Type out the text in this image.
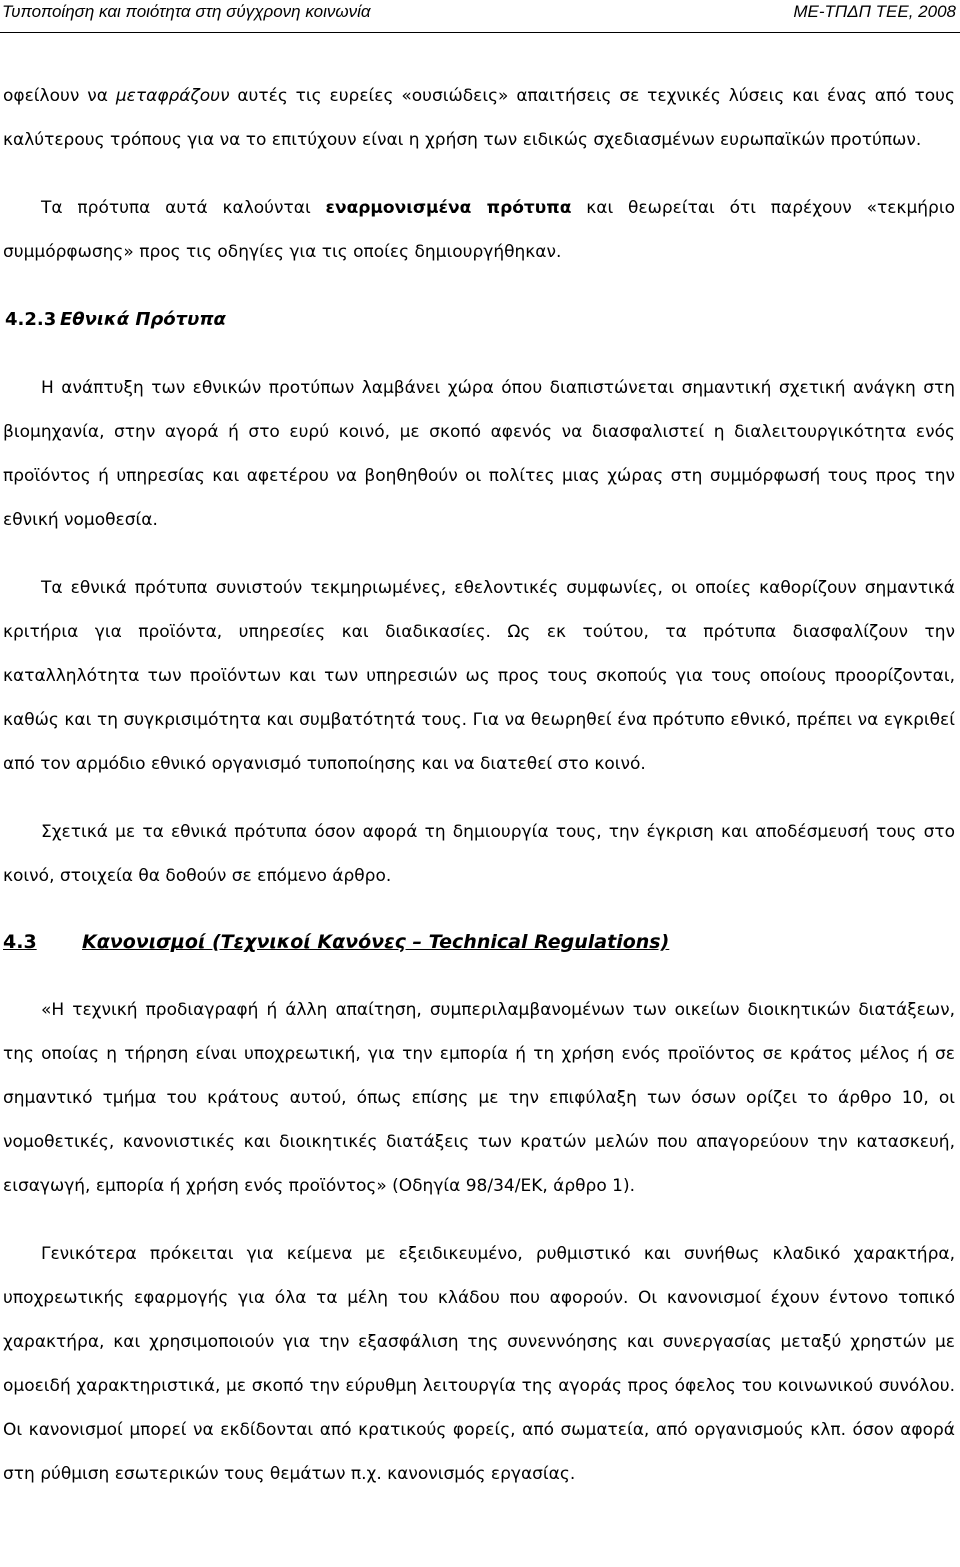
Τυποποίηση και ποιότητα στη σύγχρονη κοινωνία	ΜΕ-ΤΠΔΠ ΤΕΕ, 2008

οφείλουν να μεταφράζουν αυτές τις ευρείες «ουσιώδεις» απαιτήσεις σε τεχνικές λύσεις και ένας από τους καλύτερους τρόπους για να το επιτύχουν είναι η χρήση των ειδικώς σχεδιασμένων ευρωπαϊκών προτύπων.

Τα πρότυπα αυτά καλούνται εναρμονισμένα πρότυπα και θεωρείται ότι παρέχουν «τεκμήριο συμμόρφωσης» προς τις οδηγίες για τις οποίες δημιουργήθηκαν.

4.2.3 Εθνικά Πρότυπα

Η ανάπτυξη των εθνικών προτύπων λαμβάνει χώρα όπου διαπιστώνεται σημαντική σχετική ανάγκη στη βιομηχανία, στην αγορά ή στο ευρύ κοινό, με σκοπό αφενός να διασφαλιστεί η διαλειτουργικότητα ενός προϊόντος ή υπηρεσίας και αφετέρου να βοηθηθούν οι πολίτες μιας χώρας στη συμμόρφωσή τους προς την εθνική νομοθεσία.

Τα εθνικά πρότυπα συνιστούν τεκμηριωμένες, εθελοντικές συμφωνίες, οι οποίες καθορίζουν σημαντικά κριτήρια για προϊόντα, υπηρεσίες και διαδικασίες. Ως εκ τούτου, τα πρότυπα διασφαλίζουν την καταλληλότητα των προϊόντων και των υπηρεσιών ως προς τους σκοπούς για τους οποίους προορίζονται, καθώς και τη συγκρισιμότητα και συμβατότητά τους. Για να θεωρηθεί ένα πρότυπο εθνικό, πρέπει να εγκριθεί από τον αρμόδιο εθνικό οργανισμό τυποποίησης και να διατεθεί στο κοινό.

Σχετικά με τα εθνικά πρότυπα όσον αφορά τη δημιουργία τους, την έγκριση και αποδέσμευσή τους στο κοινό, στοιχεία θα δοθούν σε επόμενο άρθρο.

4.3 Κανονισμοί (Τεχνικοί Κανόνες – Technical Regulations)

«Η τεχνική προδιαγραφή ή άλλη απαίτηση, συμπεριλαμβανομένων των οικείων διοικητικών διατάξεων, της οποίας η τήρηση είναι υποχρεωτική, για την εμπορία ή τη χρήση ενός προϊόντος σε κράτος μέλος ή σε σημαντικό τμήμα του κράτους αυτού, όπως επίσης με την επιφύλαξη των όσων ορίζει το άρθρο 10, οι νομοθετικές, κανονιστικές και διοικητικές διατάξεις των κρατών μελών που απαγορεύουν την κατασκευή, εισαγωγή, εμπορία ή χρήση ενός προϊόντος» (Οδηγία 98/34/ΕΚ, άρθρο 1).

Γενικότερα πρόκειται για κείμενα με εξειδικευμένο, ρυθμιστικό και συνήθως κλαδικό χαρακτήρα, υποχρεωτικής εφαρμογής για όλα τα μέλη του κλάδου που αφορούν. Οι κανονισμοί έχουν έντονο τοπικό χαρακτήρα, και χρησιμοποιούν για την εξασφάλιση της συνεννόησης και συνεργασίας μεταξύ χρηστών με ομοειδή χαρακτηριστικά, με σκοπό την εύρυθμη λειτουργία της αγοράς προς όφελος του κοινωνικού συνόλου. Οι κανονισμοί μπορεί να εκδίδονται από κρατικούς φορείς, από σωματεία, από οργανισμούς κλπ. όσον αφορά στη ρύθμιση εσωτερικών τους θεμάτων π.χ. κανονισμός εργασίας.
